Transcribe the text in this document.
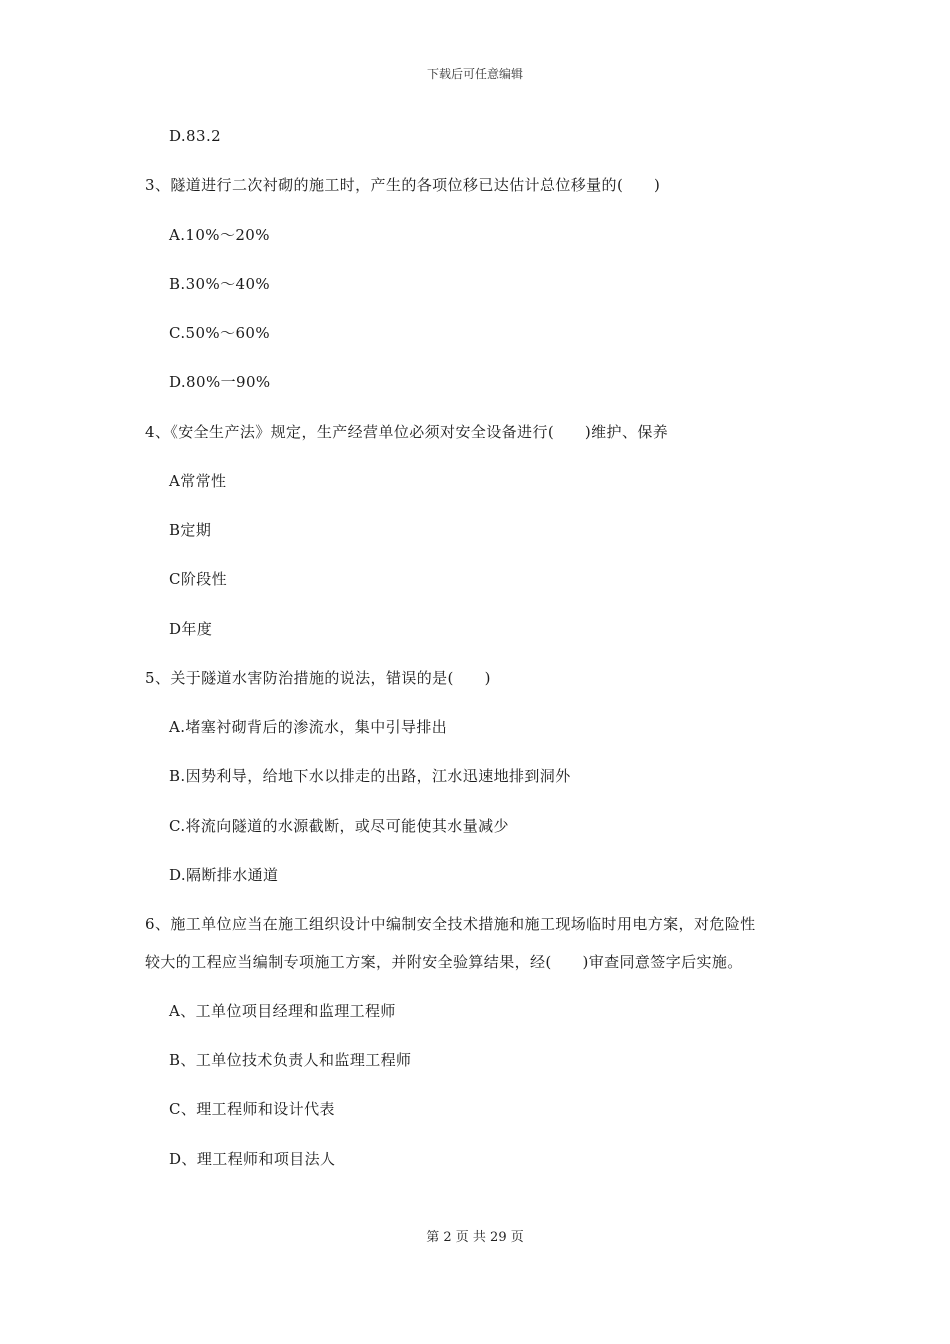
下载后可任意编辑
D.83.2
3、隧道进行二次衬砌的施工时，产生的各项位移已达估计总位移量的(　　)
A.10%～20%
B.30%～40%
C.50%～60%
D.80%一90%
4、《安全生产法》规定，生产经营单位必须对安全设备进行(　　)维护、保养
A常常性
B定期
C阶段性
D年度
5、关于隧道水害防治措施的说法，错误的是(　　)
A.堵塞衬砌背后的渗流水，集中引导排出
B.因势利导，给地下水以排走的出路，江水迅速地排到洞外
C.将流向隧道的水源截断，或尽可能使其水量减少
D.隔断排水通道
6、施工单位应当在施工组织设计中编制安全技术措施和施工现场临时用电方案，对危险性
较大的工程应当编制专项施工方案，并附安全验算结果，经(　　)审查同意签字后实施。
A、工单位项目经理和监理工程师
B、工单位技术负责人和监理工程师
C、理工程师和设计代表
D、理工程师和项目法人
第 2 页 共 29 页
